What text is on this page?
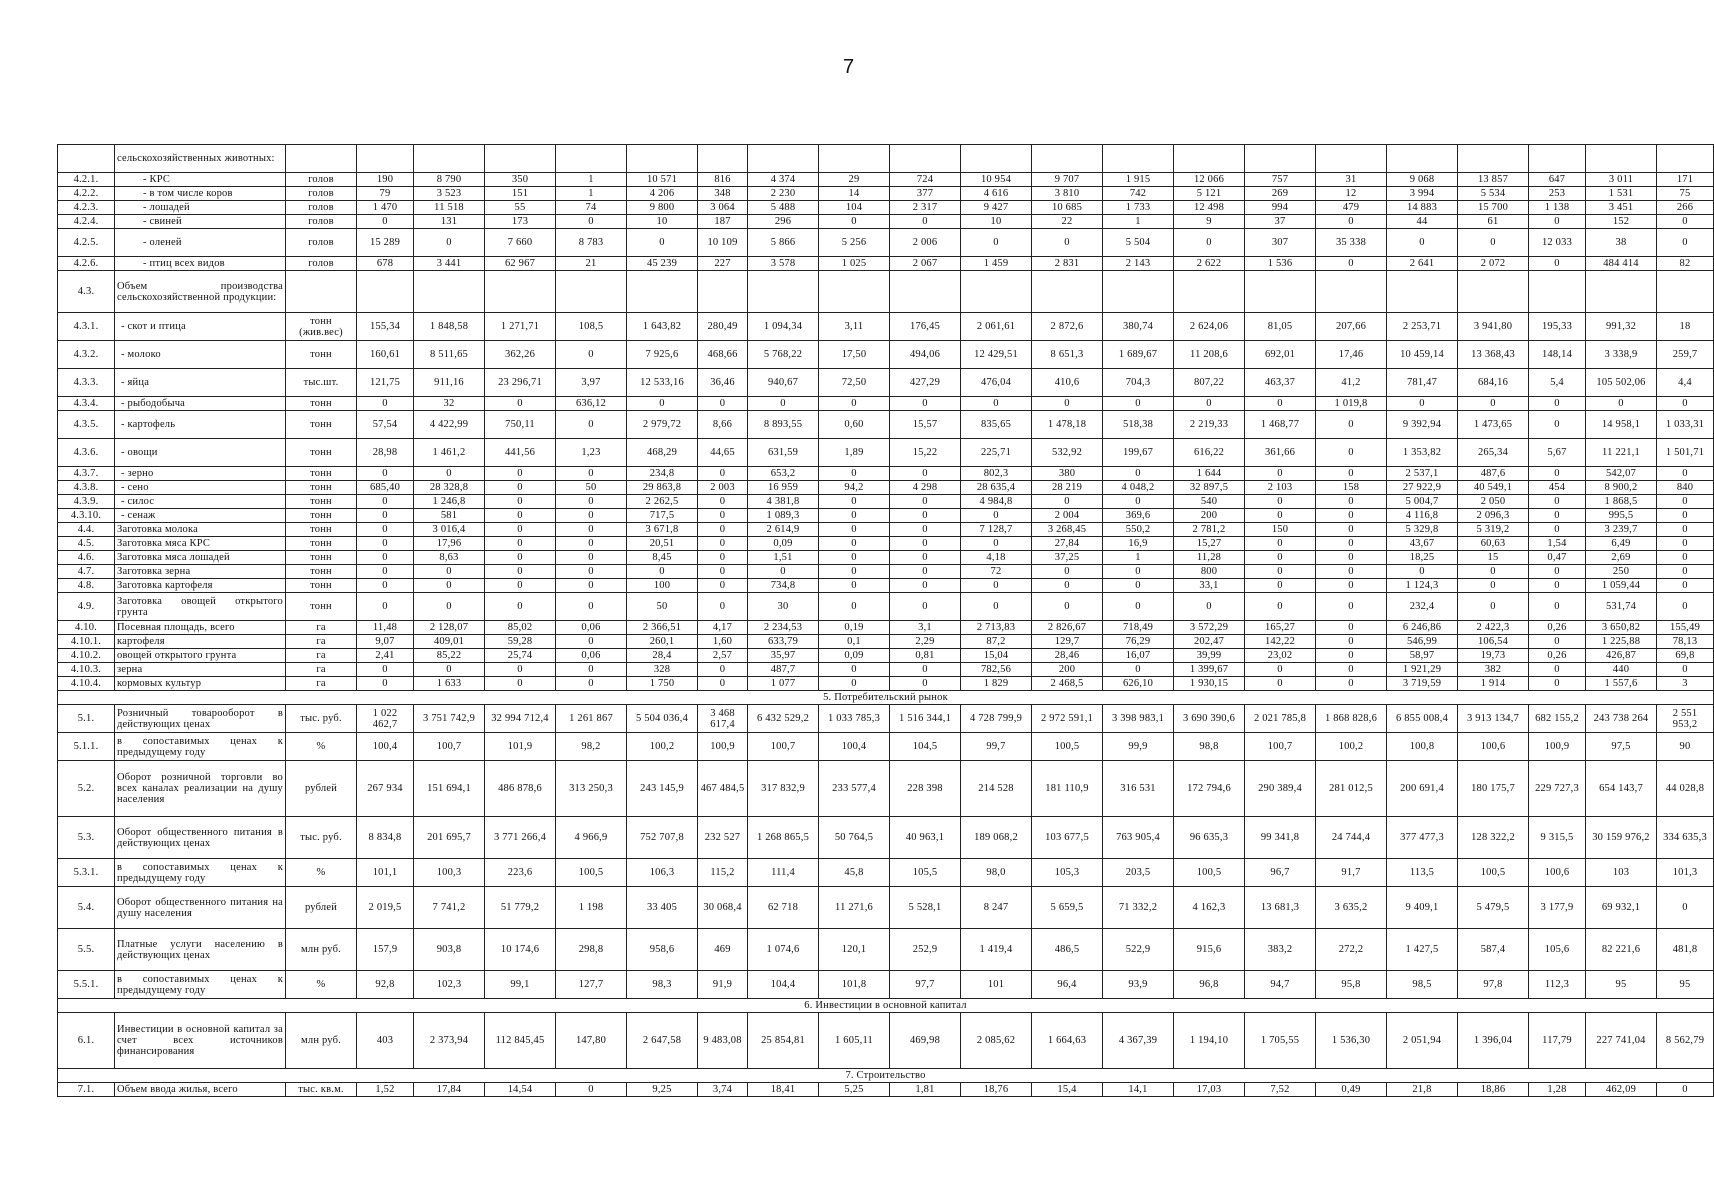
7
	сельскохозяйственных животных:																					
4.2.1.	- КРС	голов	190	8 790	350	1	10 571	816	4 374	29	724	10 954	9 707	1 915	12 066	757	31	9 068	13 857	647	3 011	171
4.2.2.	- в том числе коров	голов	79	3 523	151	1	4 206	348	2 230	14	377	4 616	3 810	742	5 121	269	12	3 994	5 534	253	1 531	75
4.2.3.	- лошадей	голов	1 470	11 518	55	74	9 800	3 064	5 488	104	2 317	9 427	10 685	1 733	12 498	994	479	14 883	15 700	1 138	3 451	266
4.2.4.	- свиней	голов	0	131	173	0	10	187	296	0	0	10	22	1	9	37	0	44	61	0	152	0
4.2.5.	- оленей	голов	15 289	0	7 660	8 783	0	10 109	5 866	5 256	2 006	0	0	5 504	0	307	35 338	0	0	12 033	38	0
4.2.6.	- птиц всех видов	голов	678	3 441	62 967	21	45 239	227	3 578	1 025	2 067	1 459	2 831	2 143	2 622	1 536	0	2 641	2 072	0	484 414	82
4.3.	Объем производства сельскохозяйственной продукции:																					
4.3.1.	- скот и птица	тонн (жив.вес)	155,34	1 848,58	1 271,71	108,5	1 643,82	280,49	1 094,34	3,11	176,45	2 061,61	2 872,6	380,74	2 624,06	81,05	207,66	2 253,71	3 941,80	195,33	991,32	18
4.3.2.	- молоко	тонн	160,61	8 511,65	362,26	0	7 925,6	468,66	5 768,22	17,50	494,06	12 429,51	8 651,3	1 689,67	11 208,6	692,01	17,46	10 459,14	13 368,43	148,14	3 338,9	259,7
4.3.3.	- яйца	тыс.шт.	121,75	911,16	23 296,71	3,97	12 533,16	36,46	940,67	72,50	427,29	476,04	410,6	704,3	807,22	463,37	41,2	781,47	684,16	5,4	105 502,06	4,4
4.3.4.	- рыбодобыча	тонн	0	32	0	636,12	0	0	0	0	0	0	0	0	0	0	1 019,8	0	0	0	0	0
4.3.5.	- картофель	тонн	57,54	4 422,99	750,11	0	2 979,72	8,66	8 893,55	0,60	15,57	835,65	1 478,18	518,38	2 219,33	1 468,77	0	9 392,94	1 473,65	0	14 958,1	1 033,31
4.3.6.	- овощи	тонн	28,98	1 461,2	441,56	1,23	468,29	44,65	631,59	1,89	15,22	225,71	532,92	199,67	616,22	361,66	0	1 353,82	265,34	5,67	11 221,1	1 501,71
4.3.7.	- зерно	тонн	0	0	0	0	234,8	0	653,2	0	0	802,3	380	0	1 644	0	0	2 537,1	487,6	0	542,07	0
4.3.8.	- сено	тонн	685,40	28 328,8	0	50	29 863,8	2 003	16 959	94,2	4 298	28 635,4	28 219	4 048,2	32 897,5	2 103	158	27 922,9	40 549,1	454	8 900,2	840
4.3.9.	- силос	тонн	0	1 246,8	0	0	2 262,5	0	4 381,8	0	0	4 984,8	0	0	540	0	0	5 004,7	2 050	0	1 868,5	0
4.3.10.	- сенаж	тонн	0	581	0	0	717,5	0	1 089,3	0	0	0	2 004	369,6	200	0	0	4 116,8	2 096,3	0	995,5	0
4.4.	Заготовка молока	тонн	0	3 016,4	0	0	3 671,8	0	2 614,9	0	0	7 128,7	3 268,45	550,2	2 781,2	150	0	5 329,8	5 319,2	0	3 239,7	0
4.5.	Заготовка мяса КРС	тонн	0	17,96	0	0	20,51	0	0,09	0	0	0	27,84	16,9	15,27	0	0	43,67	60,63	1,54	6,49	0
4.6.	Заготовка мяса лошадей	тонн	0	8,63	0	0	8,45	0	1,51	0	0	4,18	37,25	1	11,28	0	0	18,25	15	0,47	2,69	0
4.7.	Заготовка зерна	тонн	0	0	0	0	0	0	0	0	0	72	0	0	800	0	0	0	0	0	250	0
4.8.	Заготовка картофеля	тонн	0	0	0	0	100	0	734,8	0	0	0	0	0	33,1	0	0	1 124,3	0	0	1 059,44	0
4.9.	Заготовка овощей открытого грунта	тонн	0	0	0	0	50	0	30	0	0	0	0	0	0	0	0	232,4	0	0	531,74	0
4.10.	Посевная площадь, всего	га	11,48	2 128,07	85,02	0,06	2 366,51	4,17	2 234,53	0,19	3,1	2 713,83	2 826,67	718,49	3 572,29	165,27	0	6 246,86	2 422,3	0,26	3 650,82	155,49
4.10.1.	картофеля	га	9,07	409,01	59,28	0	260,1	1,60	633,79	0,1	2,29	87,2	129,7	76,29	202,47	142,22	0	546,99	106,54	0	1 225,88	78,13
4.10.2.	овощей открытого грунта	га	2,41	85,22	25,74	0,06	28,4	2,57	35,97	0,09	0,81	15,04	28,46	16,07	39,99	23,02	0	58,97	19,73	0,26	426,87	69,8
4.10.3.	зерна	га	0	0	0	0	328	0	487,7	0	0	782,56	200	0	1 399,67	0	0	1 921,29	382	0	440	0
4.10.4.	кормовых культур	га	0	1 633	0	0	1 750	0	1 077	0	0	1 829	2 468,5	626,10	1 930,15	0	0	3 719,59	1 914	0	1 557,6	3
5. Потребительский рынок																						
5.1.	Розничный товарооборот в действующих ценах	тыс. руб.	1 022 462,7	3 751 742,9	32 994 712,4	1 261 867	5 504 036,4	3 468 617,4	6 432 529,2	1 033 785,3	1 516 344,1	4 728 799,9	2 972 591,1	3 398 983,1	3 690 390,6	2 021 785,8	1 868 828,6	6 855 008,4	3 913 134,7	682 155,2	243 738 264	2 551 953,2
5.1.1.	в сопоставимых ценах к предыдущему году	%	100,4	100,7	101,9	98,2	100,2	100,9	100,7	100,4	104,5	99,7	100,5	99,9	98,8	100,7	100,2	100,8	100,6	100,9	97,5	90
5.2.	Оборот розничной торговли во всех каналах реализации на душу населения	рублей	267 934	151 694,1	486 878,6	313 250,3	243 145,9	467 484,5	317 832,9	233 577,4	228 398	214 528	181 110,9	316 531	172 794,6	290 389,4	281 012,5	200 691,4	180 175,7	229 727,3	654 143,7	44 028,8
5.3.	Оборот общественного питания в действующих ценах	тыс. руб.	8 834,8	201 695,7	3 771 266,4	4 966,9	752 707,8	232 527	1 268 865,5	50 764,5	40 963,1	189 068,2	103 677,5	763 905,4	96 635,3	99 341,8	24 744,4	377 477,3	128 322,2	9 315,5	30 159 976,2	334 635,3
5.3.1.	в сопоставимых ценах к предыдущему году	%	101,1	100,3	223,6	100,5	106,3	115,2	111,4	45,8	105,5	98,0	105,3	203,5	100,5	96,7	91,7	113,5	100,5	100,6	103	101,3
5.4.	Оборот общественного питания на душу населения	рублей	2 019,5	7 741,2	51 779,2	1 198	33 405	30 068,4	62 718	11 271,6	5 528,1	8 247	5 659,5	71 332,2	4 162,3	13 681,3	3 635,2	9 409,1	5 479,5	3 177,9	69 932,1	0
5.5.	Платные услуги населению в действующих ценах	млн руб.	157,9	903,8	10 174,6	298,8	958,6	469	1 074,6	120,1	252,9	1 419,4	486,5	522,9	915,6	383,2	272,2	1 427,5	587,4	105,6	82 221,6	481,8
5.5.1.	в сопоставимых ценах к предыдущему году	%	92,8	102,3	99,1	127,7	98,3	91,9	104,4	101,8	97,7	101	96,4	93,9	96,8	94,7	95,8	98,5	97,8	112,3	95	95
6. Инвестиции в основной капитал																						
6.1.	Инвестиции в основной капитал за счет всех источников финансирования	млн руб.	403	2 373,94	112 845,45	147,80	2 647,58	9 483,08	25 854,81	1 605,11	469,98	2 085,62	1 664,63	4 367,39	1 194,10	1 705,55	1 536,30	2 051,94	1 396,04	117,79	227 741,04	8 562,79
7. Строительство																						
7.1.	Объем ввода жилья, всего	тыс. кв.м.	1,52	17,84	14,54	0	9,25	3,74	18,41	5,25	1,81	18,76	15,4	14,1	17,03	7,52	0,49	21,8	18,86	1,28	462,09	0
